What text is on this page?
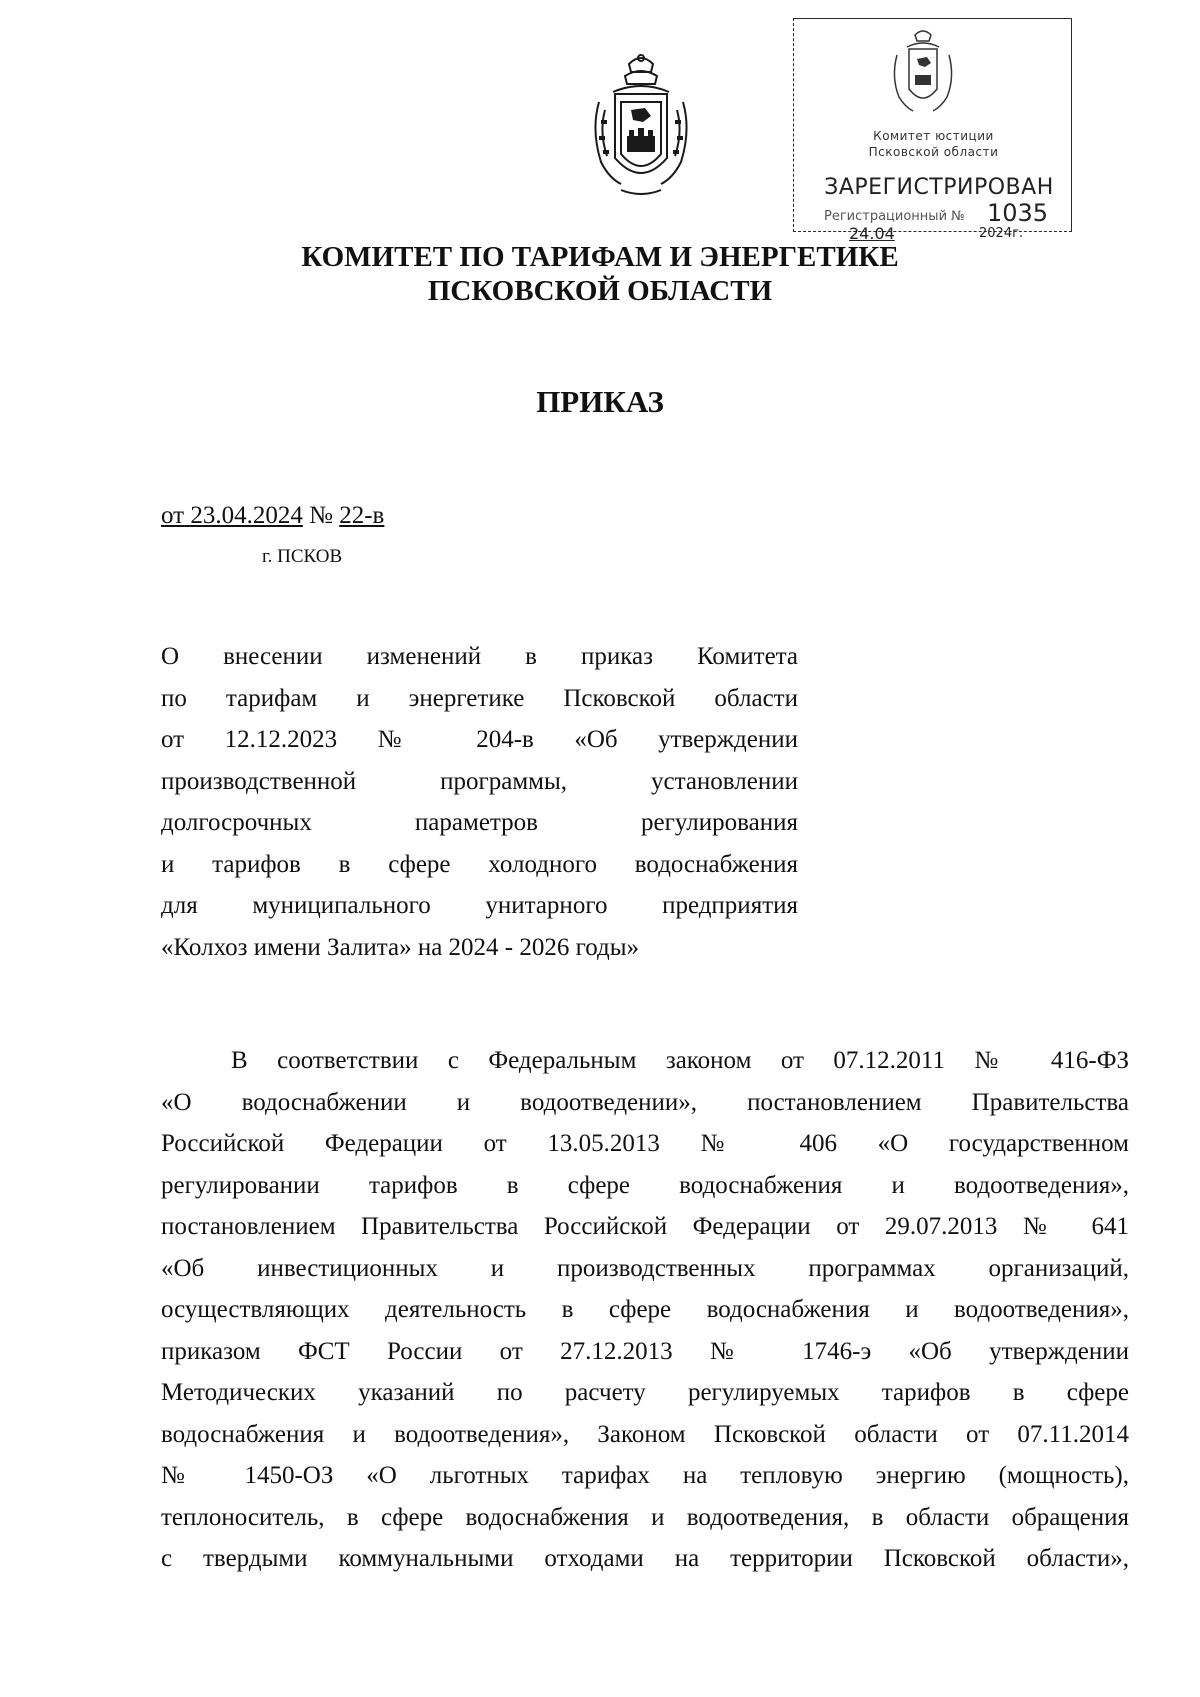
Комитет юстиции
Псковской области
ЗАРЕГИСТРИРОВАН
Регистрационный № 1035
24.04	2024г.
КОМИТЕТ ПО ТАРИФАМ И ЭНЕРГЕТИКЕ
ПСКОВСКОЙ ОБЛАСТИ
ПРИКАЗ
от 23.04.2024 № 22-в
г. ПСКОВ
О внесении изменений в приказ Комитета
по тарифам и энергетике Псковской области
от 12.12.2023 № 204-в «Об утверждении
производственной программы, установлении
долгосрочных параметров регулирования
и тарифов в сфере холодного водоснабжения
для муниципального унитарного предприятия
«Колхоз имени Залита» на 2024 - 2026 годы»
В соответствии с Федеральным законом от 07.12.2011 № 416-ФЗ
«О водоснабжении и водоотведении», постановлением Правительства
Российской Федерации от 13.05.2013 № 406 «О государственном
регулировании тарифов в сфере водоснабжения и водоотведения»,
постановлением Правительства Российской Федерации от 29.07.2013 № 641
«Об инвестиционных и производственных программах организаций,
осуществляющих деятельность в сфере водоснабжения и водоотведения»,
приказом ФСТ России от 27.12.2013 № 1746-э «Об утверждении
Методических указаний по расчету регулируемых тарифов в сфере
водоснабжения и водоотведения», Законом Псковской области от 07.11.2014
№ 1450-ОЗ «О льготных тарифах на тепловую энергию (мощность),
теплоноситель, в сфере водоснабжения и водоотведения, в области обращения
с твердыми коммунальными отходами на территории Псковской области»,
